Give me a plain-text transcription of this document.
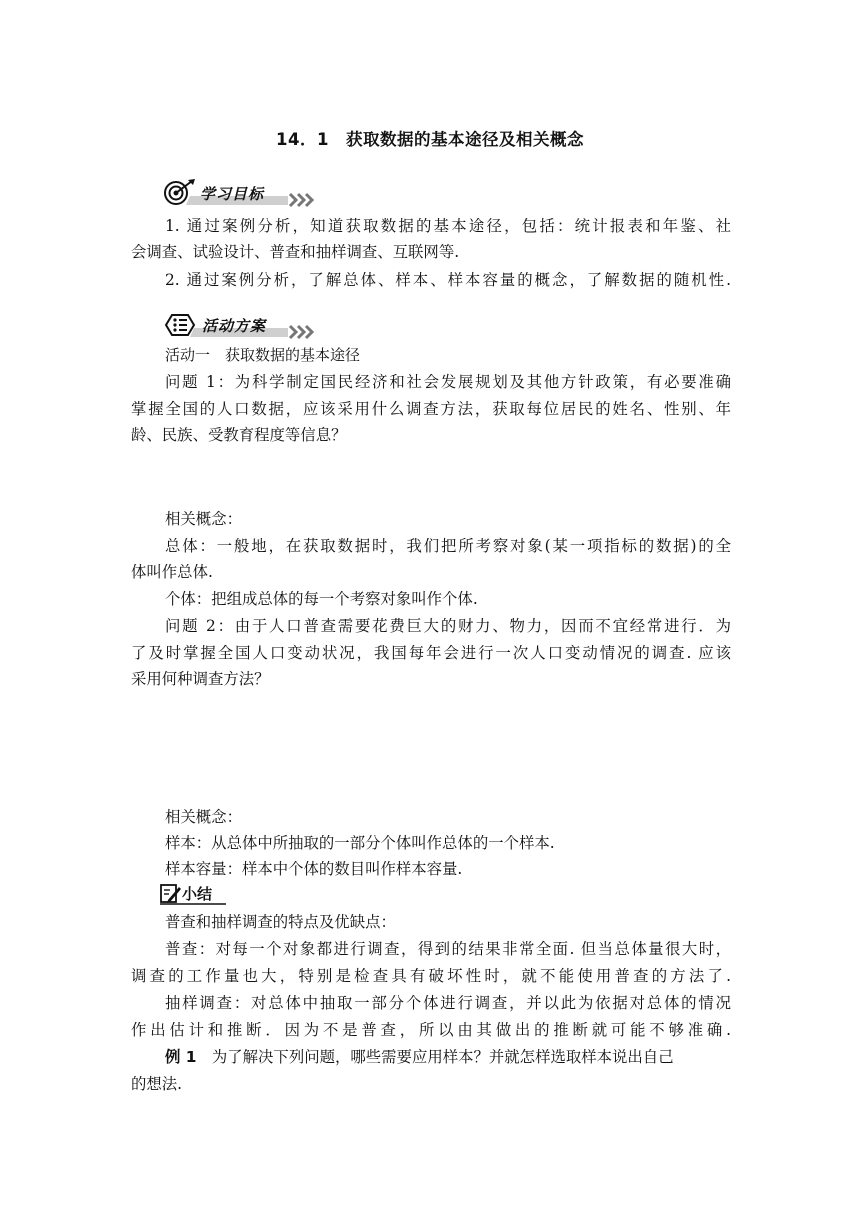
14．1　获取数据的基本途径及相关概念
学习目标
1. 通过案例分析，知道获取数据的基本途径，包括：统计报表和年鉴、社
会调查、试验设计、普查和抽样调查、互联网等.
2. 通过案例分析，了解总体、样本、样本容量的概念，了解数据的随机性.
活动方案
活动一　获取数据的基本途径
问题 1：为科学制定国民经济和社会发展规划及其他方针政策，有必要准确
掌握全国的人口数据，应该采用什么调查方法，获取每位居民的姓名、性别、年
龄、民族、受教育程度等信息？
相关概念：
总体：一般地，在获取数据时，我们把所考察对象(某一项指标的数据)的全
体叫作总体.
个体：把组成总体的每一个考察对象叫作个体.
问题 2：由于人口普查需要花费巨大的财力、物力，因而不宜经常进行．为
了及时掌握全国人口变动状况，我国每年会进行一次人口变动情况的调查. 应该
采用何种调查方法？
相关概念：
样本：从总体中所抽取的一部分个体叫作总体的一个样本.
样本容量：样本中个体的数目叫作样本容量.
小结
普查和抽样调查的特点及优缺点：
普查：对每一个对象都进行调查，得到的结果非常全面. 但当总体量很大时，
调查的工作量也大，特别是检查具有破坏性时，就不能使用普查的方法了.
抽样调查：对总体中抽取一部分个体进行调查，并以此为依据对总体的情况
作出估计和推断．因为不是普查，所以由其做出的推断就可能不够准确.
例 1　为了解决下列问题，哪些需要应用样本？并就怎样选取样本说出自己
的想法.
